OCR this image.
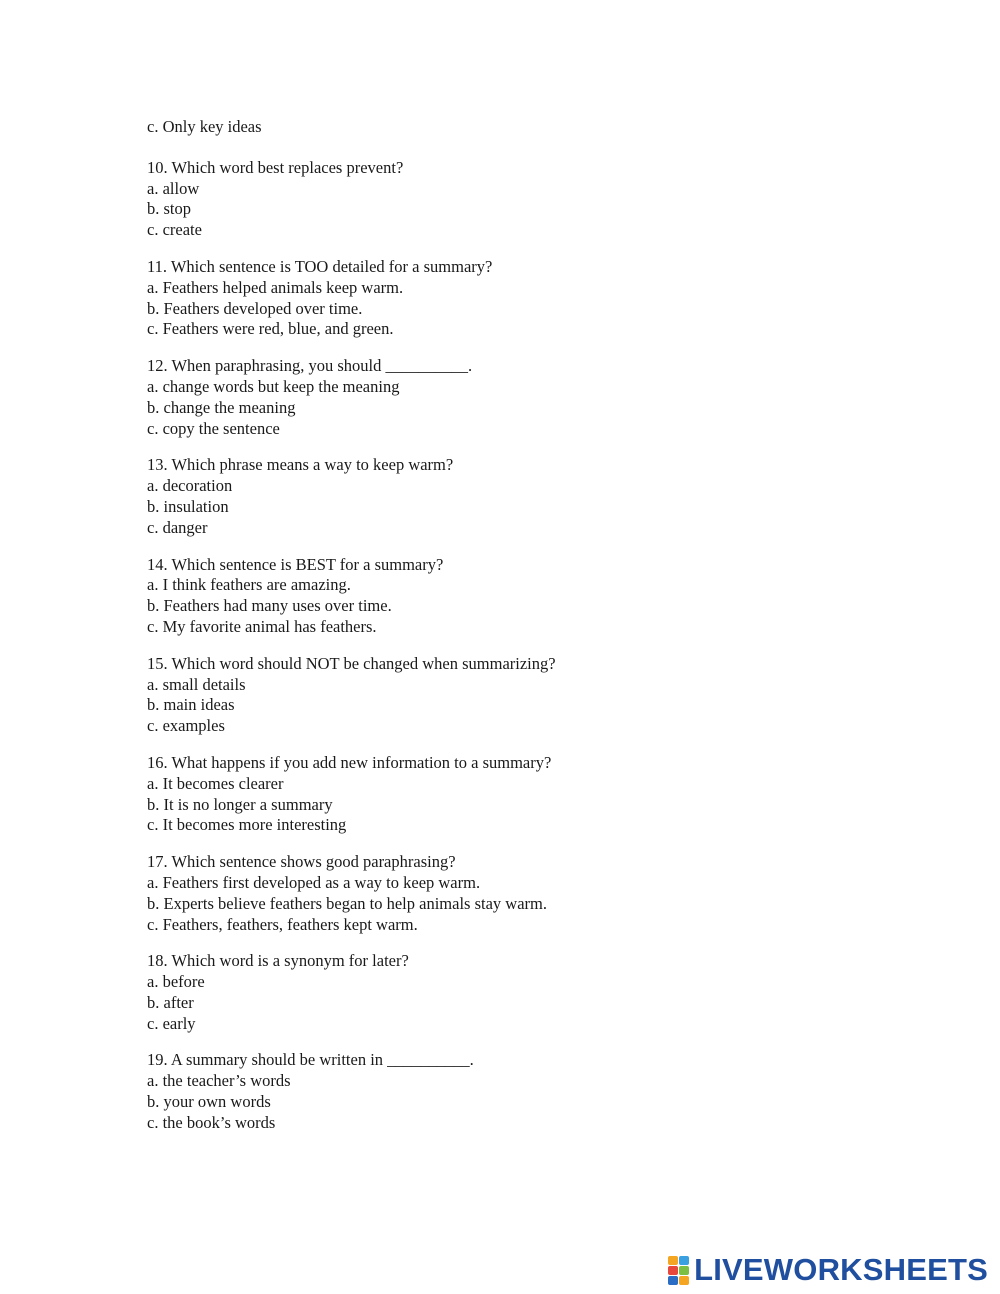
c. Only key ideas
10. Which word best replaces prevent?
a. allow
b. stop
c. create
11. Which sentence is TOO detailed for a summary?
a. Feathers helped animals keep warm.
b. Feathers developed over time.
c. Feathers were red, blue, and green.
12. When paraphrasing, you should __________.
a. change words but keep the meaning
b. change the meaning
c. copy the sentence
13. Which phrase means a way to keep warm?
a. decoration
b. insulation
c. danger
14. Which sentence is BEST for a summary?
a. I think feathers are amazing.
b. Feathers had many uses over time.
c. My favorite animal has feathers.
15. Which word should NOT be changed when summarizing?
a. small details
b. main ideas
c. examples
16. What happens if you add new information to a summary?
a. It becomes clearer
b. It is no longer a summary
c. It becomes more interesting
17. Which sentence shows good paraphrasing?
a. Feathers first developed as a way to keep warm.
b. Experts believe feathers began to help animals stay warm.
c. Feathers, feathers, feathers kept warm.
18. Which word is a synonym for later?
a. before
b. after
c. early
19. A summary should be written in __________.
a. the teacher’s words
b. your own words
c. the book’s words
LIVEWORKSHEETS
